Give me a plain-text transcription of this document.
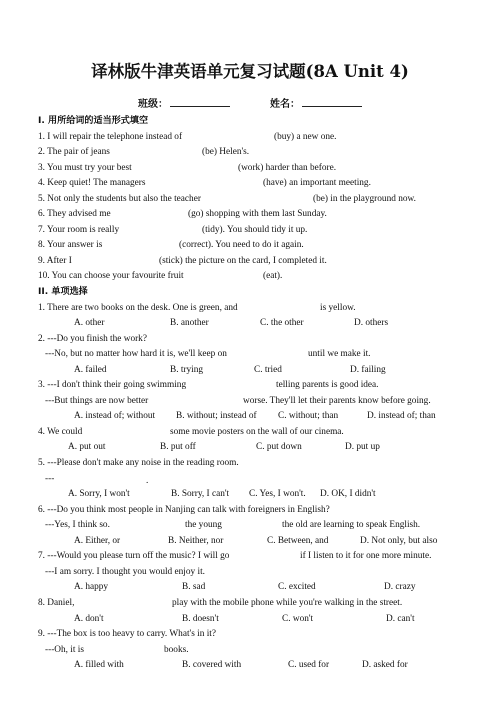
译林版牛津英语单元复习试题(8A Unit 4)
班级：	姓名：
I. 用所给词的适当形式填空
1. I will repair the telephone instead of	(buy) a new one.
2. The pair of jeans	(be) Helen's.
3. You must try your best	(work) harder than before.
4. Keep quiet! The managers	(have) an important meeting.
5. Not only the students but also the teacher	(be) in the playground now.
6. They advised me	(go) shopping with them last Sunday.
7. Your room is really	(tidy). You should tidy it up.
8. Your answer is	(correct). You need to do it again.
9. After I	(stick) the picture on the card, I completed it.
10. You can choose your favourite fruit	(eat).
II. 单项选择
1. There are two books on the desk. One is green, and	is yellow.
A. other	B. another	C. the other	D. others
2. ---Do you finish the work?
---No, but no matter how hard it is, we'll keep on	until we make it.
A. failed	B. trying	C. tried	D. failing
3. ---I don't think their going swimming	telling parents is good idea.
---But things are now better	worse. They'll let their parents know before going.
A. instead of; without B. without; instead of C. without; than	D. instead of; than
4. We could	some movie posters on the wall of our cinema.
A. put out	B. put off	C. put down	D. put up
5. ---Please don't make any noise in the reading room.
---	.
A. Sorry, I won't	B. Sorry, I can't C. Yes, I won't. D. OK, I didn't
6. ---Do you think most people in Nanjing can talk with foreigners in English?
---Yes, I think so.	the young	the old are learning to speak English.
A. Either, or	B. Neither, nor	C. Between, and	D. Not only, but also
7. ---Would you please turn off the music? I will go	if I listen to it for one more minute.
---I am sorry. I thought you would enjoy it.
A. happy	B. sad	C. excited	D. crazy
8. Daniel,	play with the mobile phone while you're walking in the street.
A. don't	B. doesn't	C. won't	D. can't
9. ---The box is too heavy to carry. What's in it?
---Oh, it is	books.
A. filled with	B. covered with	C. used for	D. asked for
